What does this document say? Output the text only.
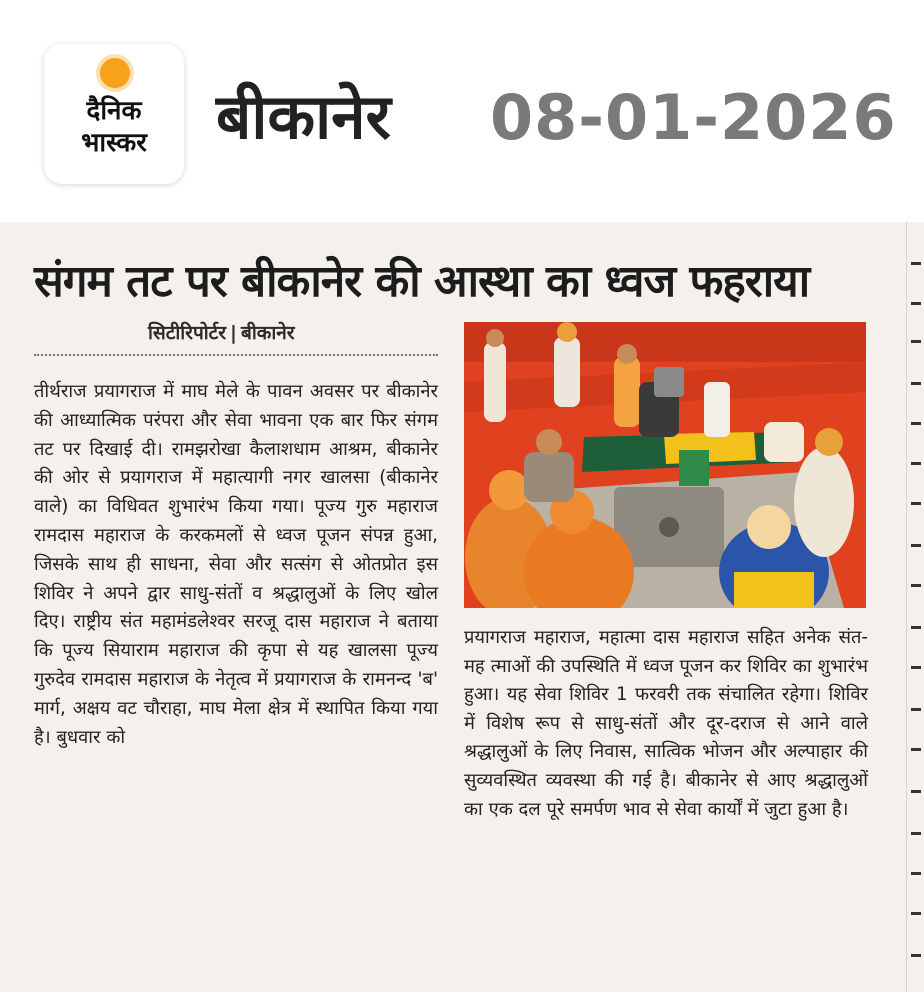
दैनिक
भास्कर	बीकानेर 08-01-2026
संगम तट पर बीकानेर की आस्था का ध्वज फहराया
सिटीरिपोर्टर | बीकानेर
तीर्थराज प्रयागराज में माघ मेले के पावन अवसर पर बीकानेर की आध्यात्मिक परंपरा और सेवा भावना एक बार फिर संगम तट पर दिखाई दी। रामझरोखा कैलाशधाम आश्रम, बीकानेर की ओर से प्रयागराज में महात्यागी नगर खालसा (बीकानेर वाले) का विधिवत शुभारंभ किया गया। पूज्य गुरु महाराज रामदास महाराज के करकमलों से ध्वज पूजन संपन्न हुआ, जिसके साथ ही साधना, सेवा और सत्संग से ओतप्रोत इस शिविर ने अपने द्वार साधु-संतों व श्रद्धालुओं के लिए खोल दिए। राष्ट्रीय संत महामंडलेश्वर सरजू दास महाराज ने बताया कि पूज्य सियाराम महाराज की कृपा से यह खालसा पूज्य गुरुदेव रामदास महाराज के नेतृत्व में प्रयागराज के रामनन्द 'ब' मार्ग, अक्षय वट चौराहा, माघ मेला क्षेत्र में स्थापित किया गया है। बुधवार को
प्रयागराज महाराज, महात्मा दास महाराज सहित अनेक संत-मह त्माओं की उपस्थिति में ध्वज पूजन कर शिविर का शुभारंभ हुआ। यह सेवा शिविर 1 फरवरी तक संचालित रहेगा। शिविर में विशेष रूप से साधु-संतों और दूर-दराज से आने वाले श्रद्धालुओं के लिए निवास, सात्विक भोजन और अल्पाहार की सुव्यवस्थित व्यवस्था की गई है। बीकानेर से आए श्रद्धालुओं का एक दल पूरे समर्पण भाव से सेवा कार्यों में जुटा हुआ है।
